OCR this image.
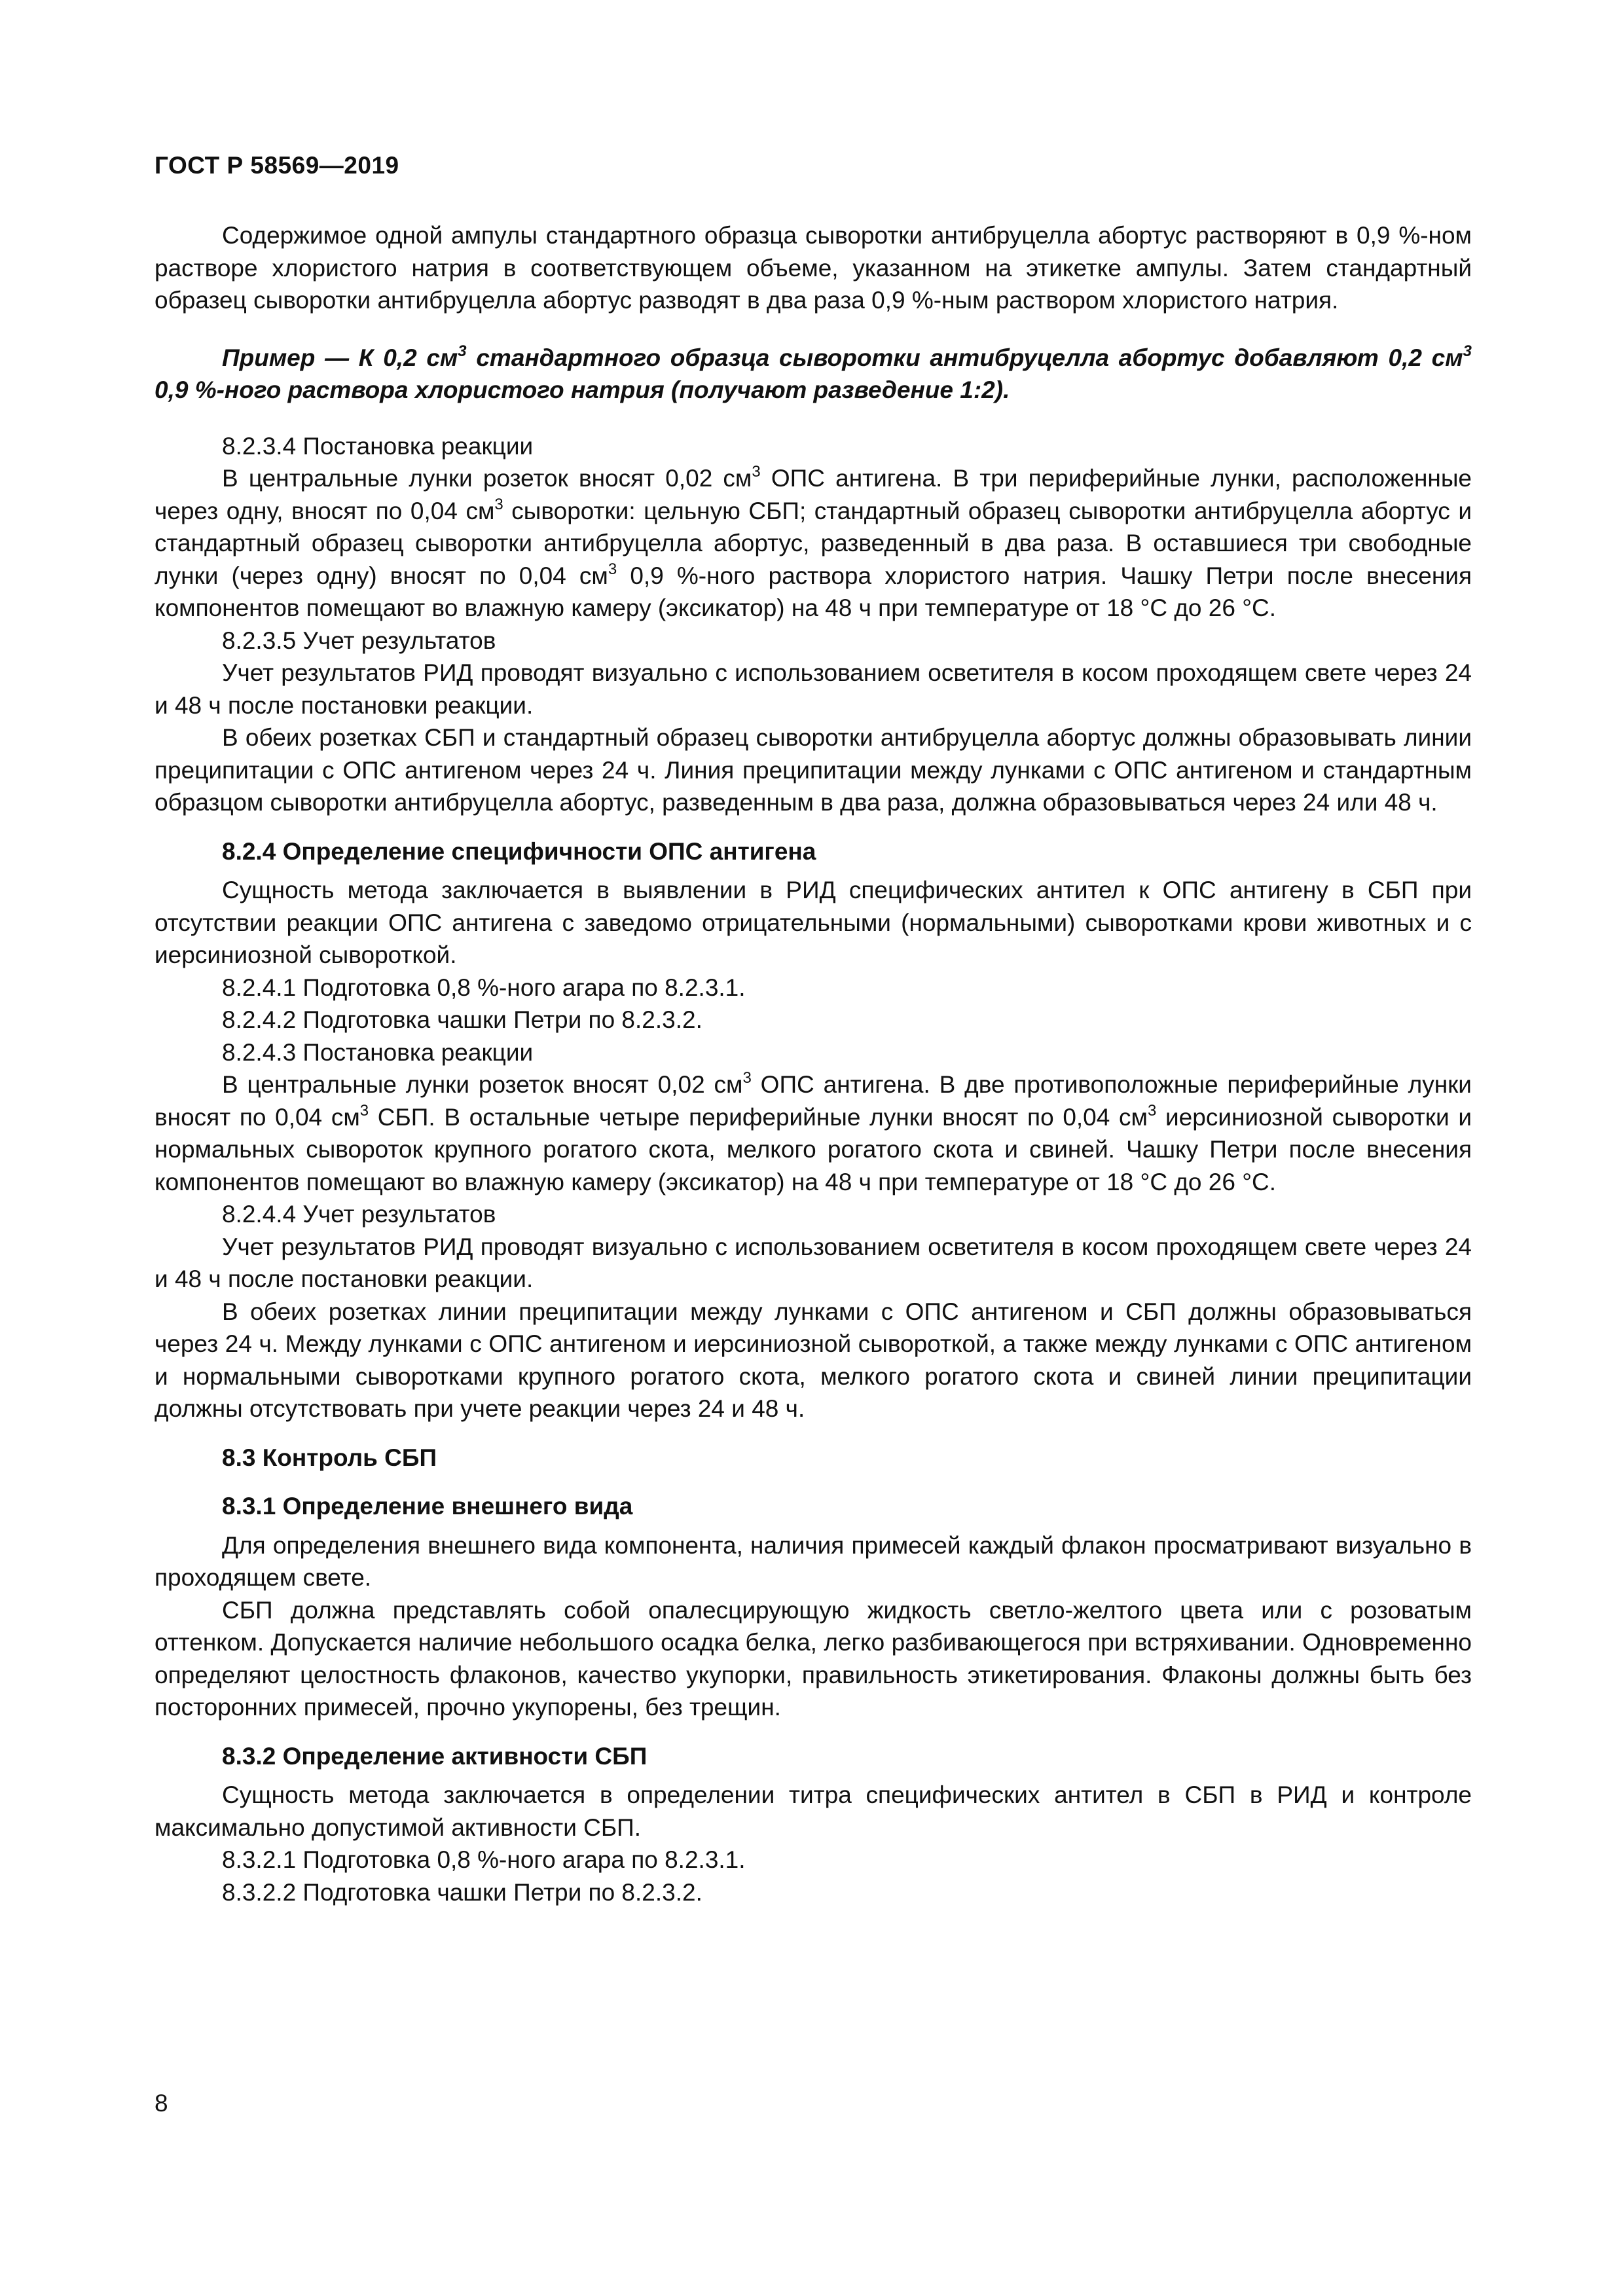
ГОСТ Р 58569—2019

Содержимое одной ампулы стандартного образца сыворотки антибруцелла абортус растворяют в 0,9 %-ном растворе хлористого натрия в соответствующем объеме, указанном на этикетке ампулы. Затем стандартный образец сыворотки антибруцелла абортус разводят в два раза 0,9 %-ным раствором хлористого натрия.

Пример — К 0,2 $см^3$ стандартного образца сыворотки антибруцелла абортус добавляют 0,2 $см^3$ 0,9 %-ного раствора хлористого натрия (получают разведение 1:2).

8.2.3.4 Постановка реакции

В центральные лунки розеток вносят 0,02 $см^3$ ОПС антигена. В три периферийные лунки, расположенные через одну, вносят по 0,04 $см^3$ сыворотки: цельную СБП; стандартный образец сыворотки антибруцелла абортус и стандартный образец сыворотки антибруцелла абортус, разведенный в два раза. В оставшиеся три свободные лунки (через одну) вносят по 0,04 $см^3$ 0,9 %-ного раствора хлористого натрия. Чашку Петри после внесения компонентов помещают во влажную камеру (эксикатор) на 48 ч при температуре от 18 °С до 26 °С.

8.2.3.5 Учет результатов

Учет результатов РИД проводят визуально с использованием осветителя в косом проходящем свете через 24 и 48 ч после постановки реакции.

В обеих розетках СБП и стандартный образец сыворотки антибруцелла абортус должны образовывать линии преципитации с ОПС антигеном через 24 ч. Линия преципитации между лунками с ОПС антигеном и стандартным образцом сыворотки антибруцелла абортус, разведенным в два раза, должна образовываться через 24 или 48 ч.

8.2.4 Определение специфичности ОПС антигена

Сущность метода заключается в выявлении в РИД специфических антител к ОПС антигену в СБП при отсутствии реакции ОПС антигена с заведомо отрицательными (нормальными) сыворотками крови животных и с иерсиниозной сывороткой.

8.2.4.1 Подготовка 0,8 %-ного агара по 8.2.3.1.

8.2.4.2 Подготовка чашки Петри по 8.2.3.2.

8.2.4.3 Постановка реакции

В центральные лунки розеток вносят 0,02 $см^3$ ОПС антигена. В две противоположные периферийные лунки вносят по 0,04 $см^3$ СБП. В остальные четыре периферийные лунки вносят по 0,04 $см^3$ иерсиниозной сыворотки и нормальных сывороток крупного рогатого скота, мелкого рогатого скота и свиней. Чашку Петри после внесения компонентов помещают во влажную камеру (эксикатор) на 48 ч при температуре от 18 °С до 26 °С.

8.2.4.4 Учет результатов

Учет результатов РИД проводят визуально с использованием осветителя в косом проходящем свете через 24 и 48 ч после постановки реакции.

В обеих розетках линии преципитации между лунками с ОПС антигеном и СБП должны образовываться через 24 ч. Между лунками с ОПС антигеном и иерсиниозной сывороткой, а также между лунками с ОПС антигеном и нормальными сыворотками крупного рогатого скота, мелкого рогатого скота и свиней линии преципитации должны отсутствовать при учете реакции через 24 и 48 ч.

8.3 Контроль СБП
8.3.1 Определение внешнего вида

Для определения внешнего вида компонента, наличия примесей каждый флакон просматривают визуально в проходящем свете.

СБП должна представлять собой опалесцирующую жидкость светло-желтого цвета или с розоватым оттенком. Допускается наличие небольшого осадка белка, легко разбивающегося при встряхивании. Одновременно определяют целостность флаконов, качество укупорки, правильность этикетирования. Флаконы должны быть без посторонних примесей, прочно укупорены, без трещин.

8.3.2 Определение активности СБП

Сущность метода заключается в определении титра специфических антител в СБП в РИД и контроле максимально допустимой активности СБП.

8.3.2.1 Подготовка 0,8 %-ного агара по 8.2.3.1.

8.3.2.2 Подготовка чашки Петри по 8.2.3.2.

8
